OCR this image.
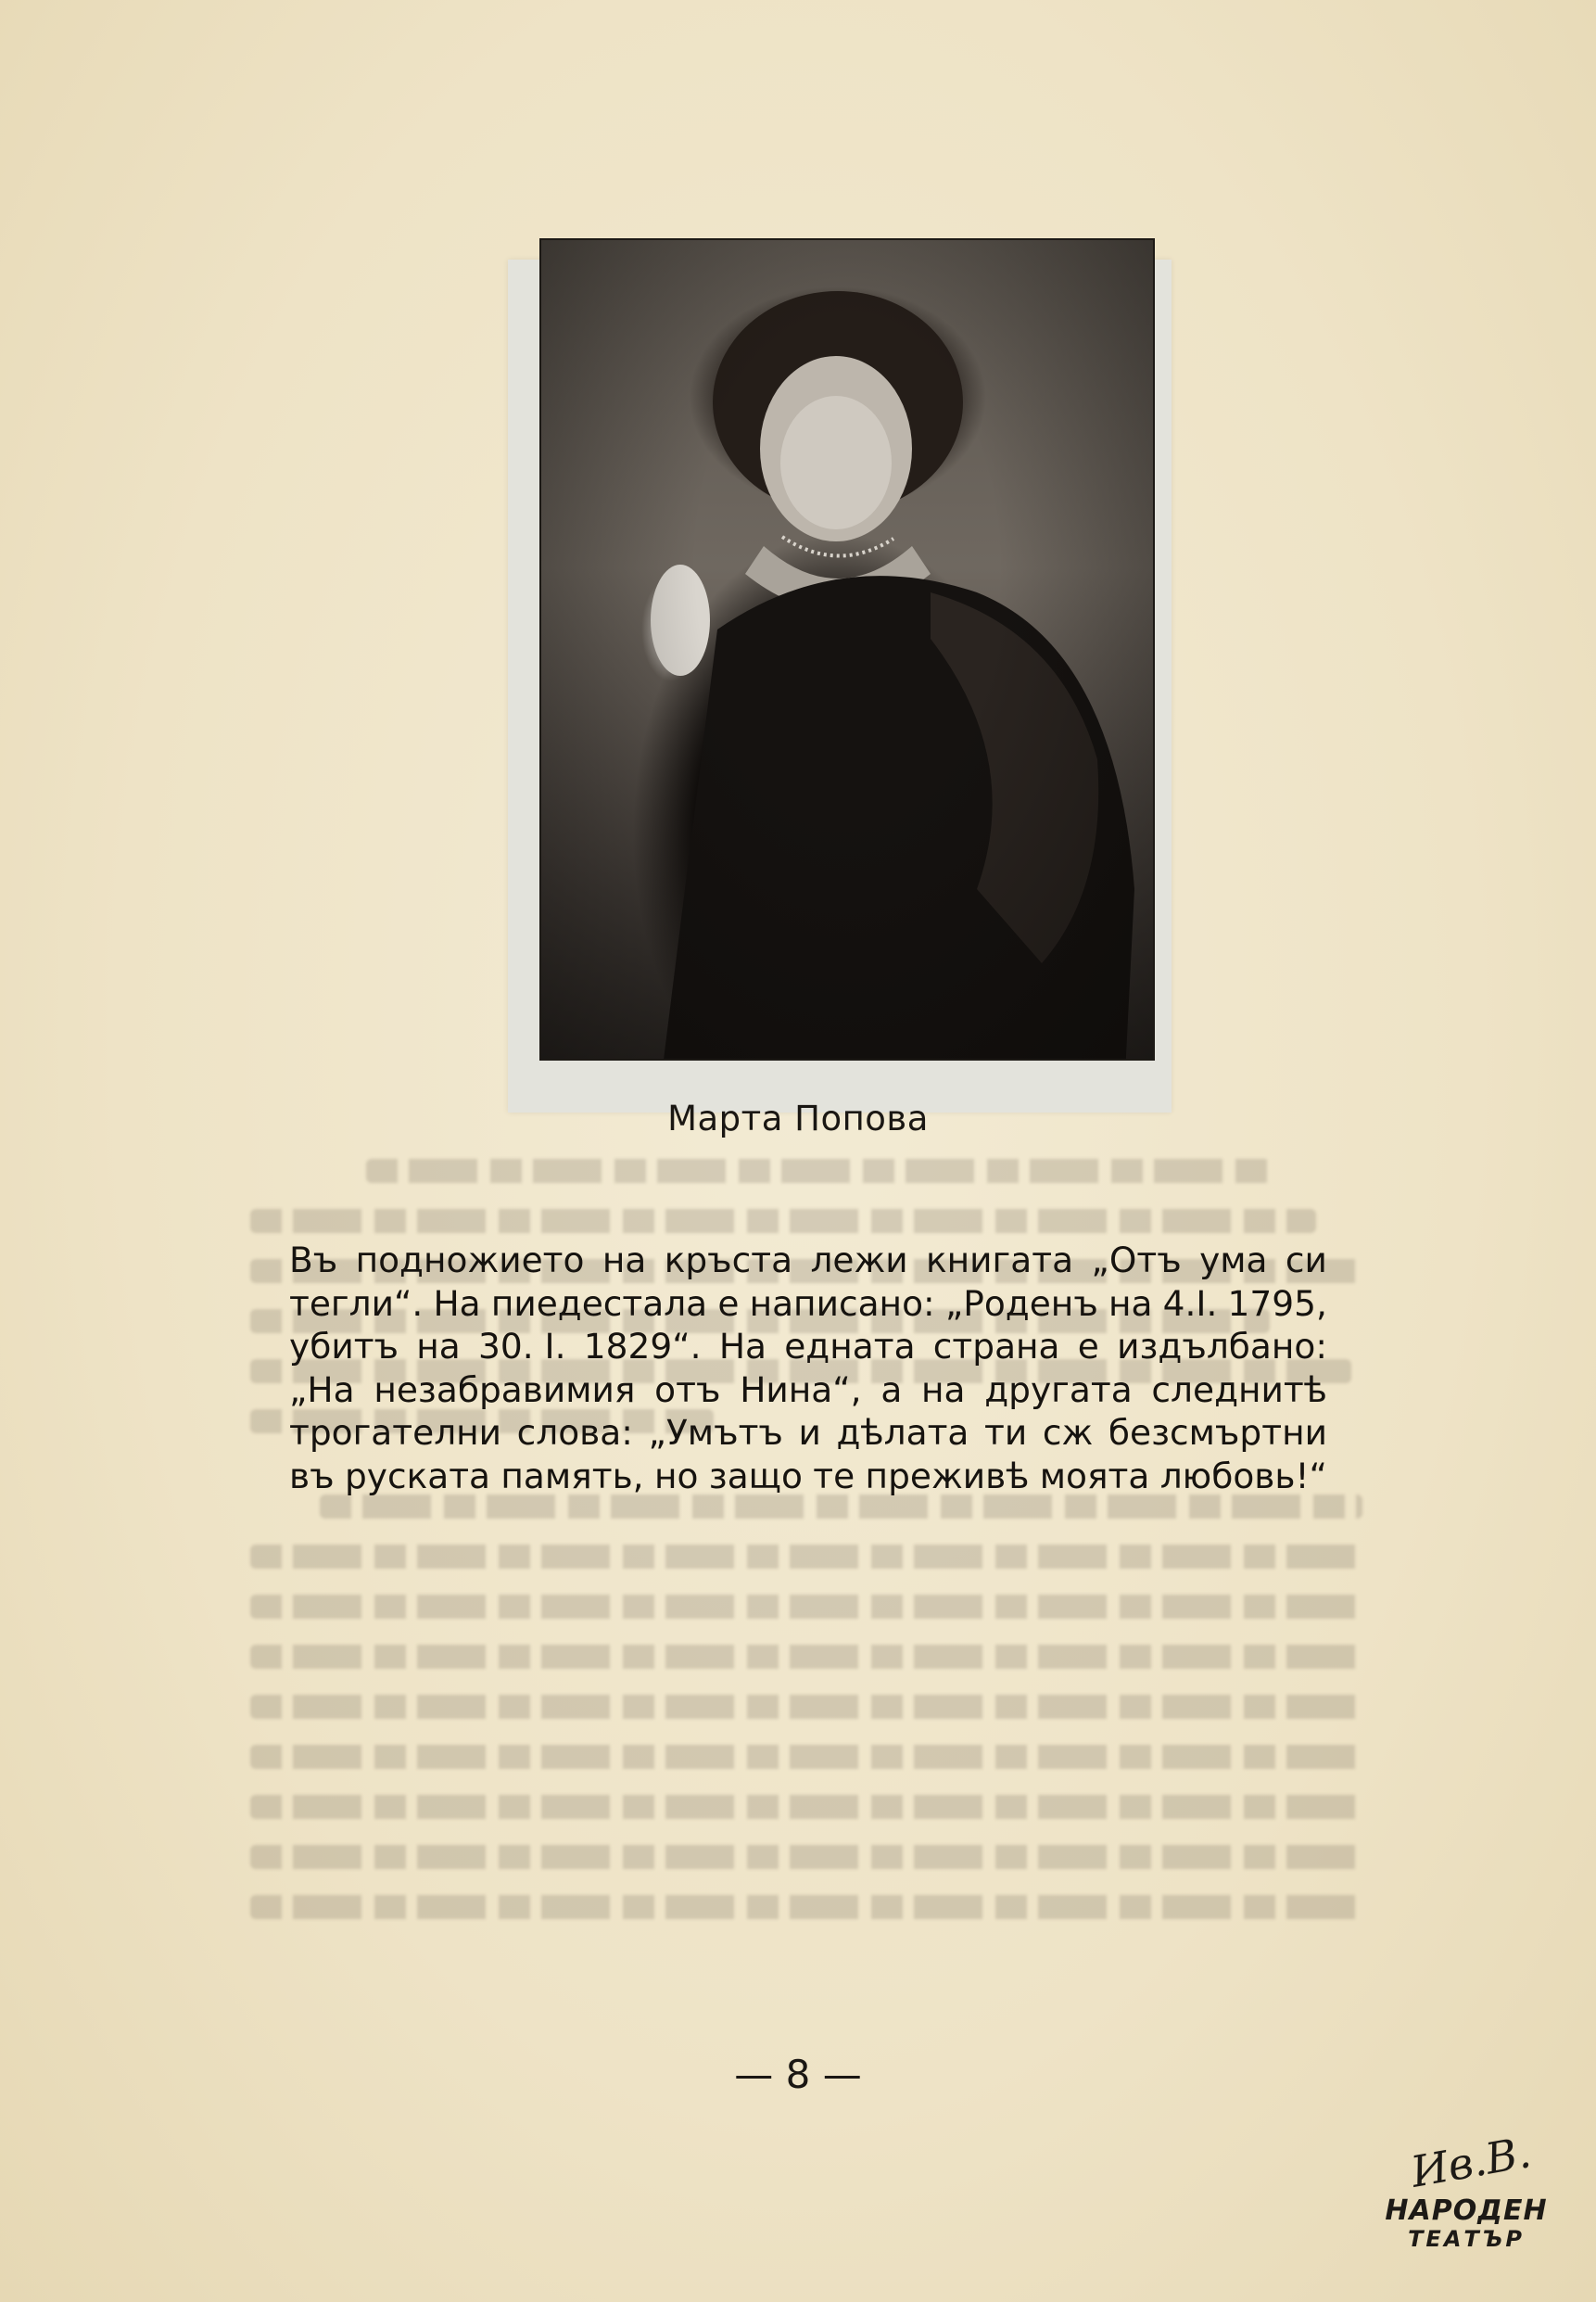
Марта Попова
Въ подножието на кръста лежи книгата „Отъ ума си
тегли“. На пиедестала е написано: „Роденъ на 4.I. 1795,
убитъ на 30. I. 1829“. На едната страна е издълбано:
„На незабравимия отъ Нина“, а на другата следнитѣ
трогателни слова: „Умътъ и дѣлата ти сж безсмъртни
въ руската память, но защо те преживѣ моята любовь!“
— 8 —
Ив.В.
НАРОДЕН
ТЕАТЪР
